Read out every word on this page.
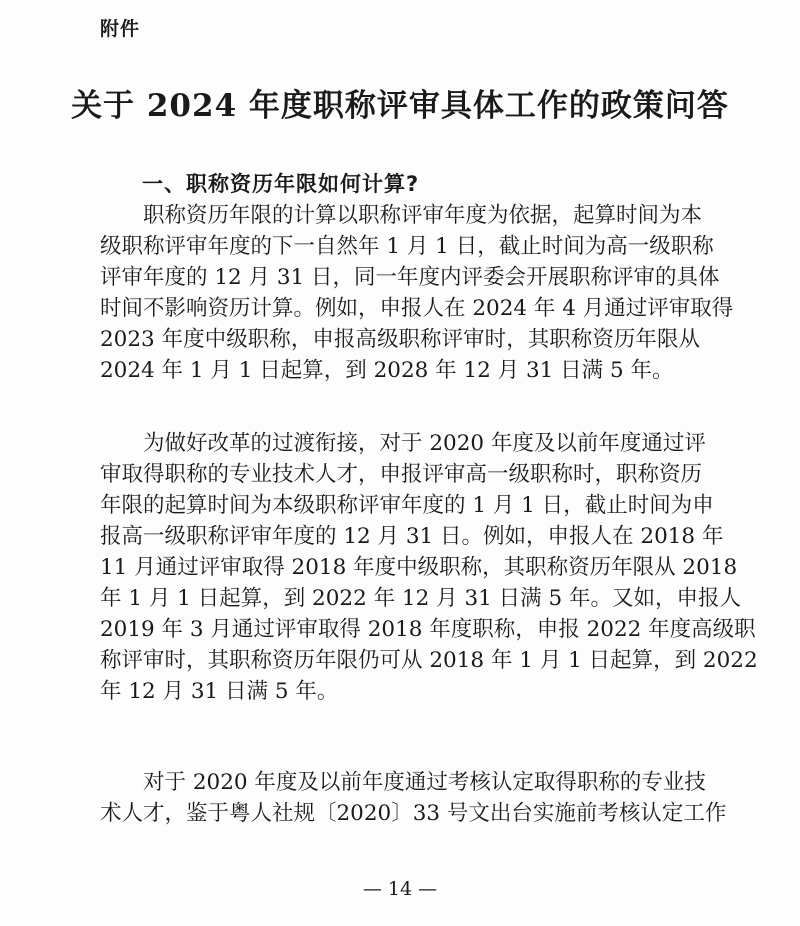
附件
关于 2024 年度职称评审具体工作的政策问答
一、职称资历年限如何计算?
职称资历年限的计算以职称评审年度为依据，起算时间为本
级职称评审年度的下一自然年 1 月 1 日，截止时间为高一级职称
评审年度的 12 月 31 日，同一年度内评委会开展职称评审的具体
时间不影响资历计算。例如，申报人在 2024 年 4 月通过评审取得
2023 年度中级职称，申报高级职称评审时，其职称资历年限从
2024 年 1 月 1 日起算，到 2028 年 12 月 31 日满 5 年。
为做好改革的过渡衔接，对于 2020 年度及以前年度通过评
审取得职称的专业技术人才，申报评审高一级职称时，职称资历
年限的起算时间为本级职称评审年度的 1 月 1 日，截止时间为申
报高一级职称评审年度的 12 月 31 日。例如，申报人在 2018 年
11 月通过评审取得 2018 年度中级职称，其职称资历年限从 2018
年 1 月 1 日起算，到 2022 年 12 月 31 日满 5 年。又如，申报人
2019 年 3 月通过评审取得 2018 年度职称，申报 2022 年度高级职
称评审时，其职称资历年限仍可从 2018 年 1 月 1 日起算，到 2022
年 12 月 31 日满 5 年。
对于 2020 年度及以前年度通过考核认定取得职称的专业技
术人才，鉴于粤人社规〔2020〕33 号文出台实施前考核认定工作
— 14 —
